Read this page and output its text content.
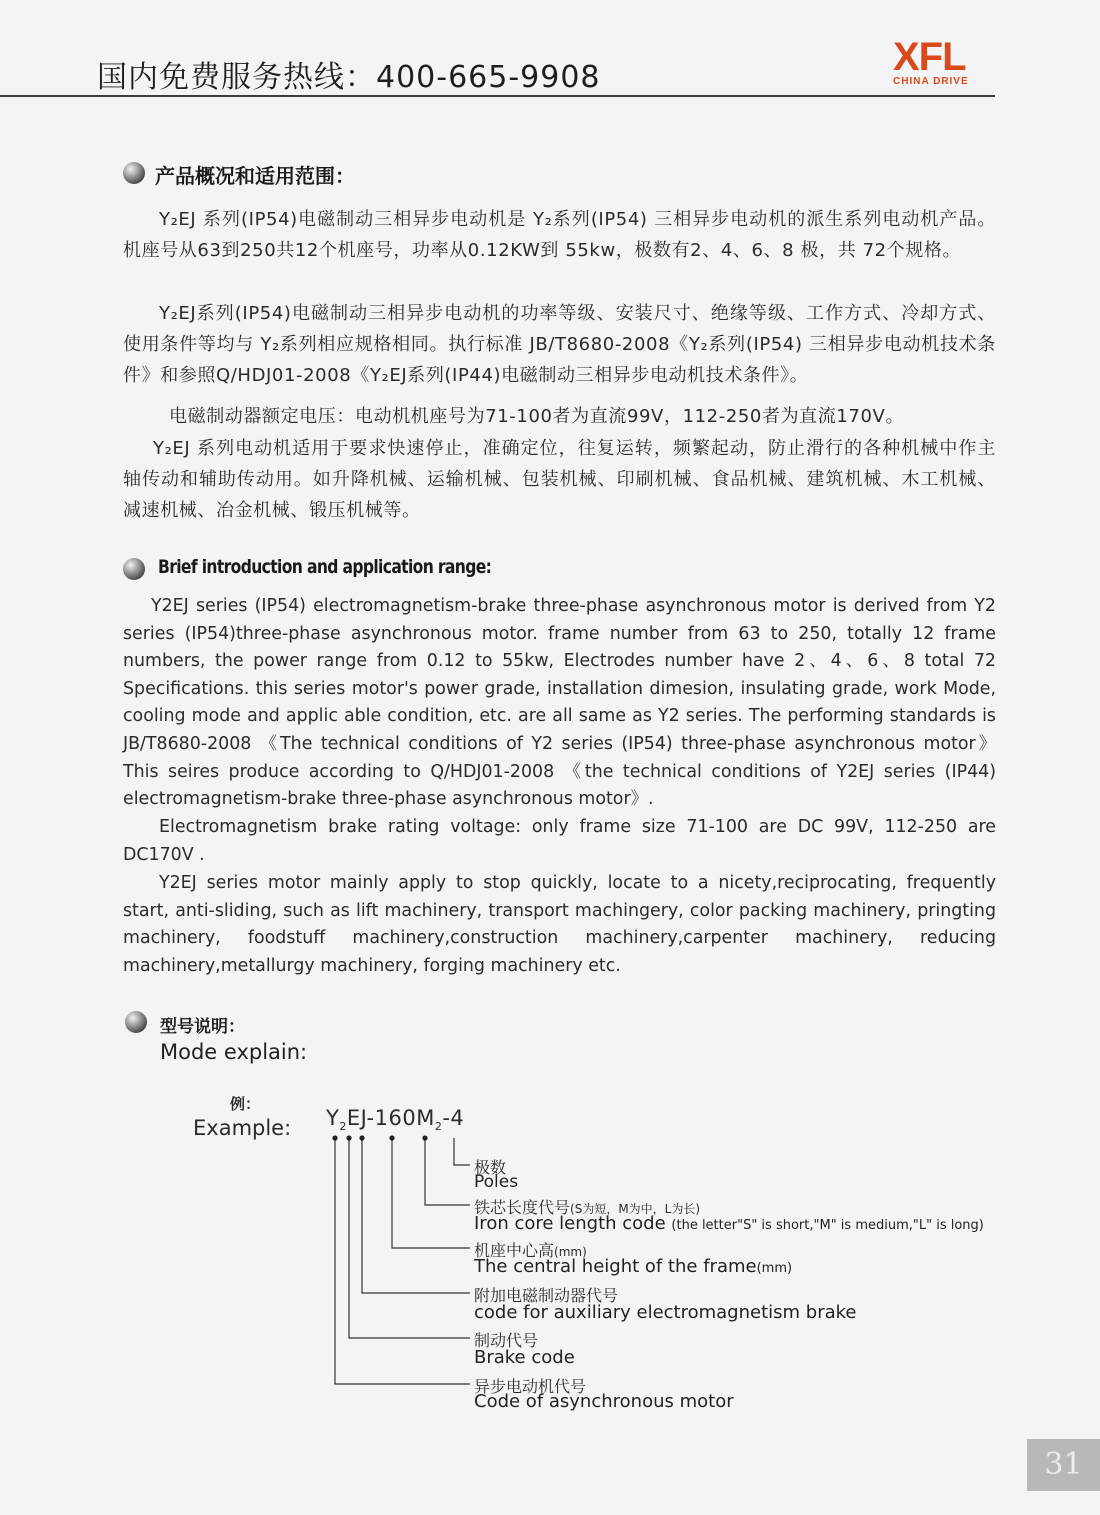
国内免费服务热线：400-665-9908	XFL
CHINA DRIVE
产品概况和适用范围：

Y₂EJ 系列(IP54)电磁制动三相异步电动机是 Y₂系列(IP54) 三相异步电动机的派生系列电动机产品。机座号从63到250共12个机座号，功率从0.12KW到 55kw，极数有2、4、6、8 极，共 72个规格。

Y₂EJ系列(IP54)电磁制动三相异步电动机的功率等级、安装尺寸、绝缘等级、工作方式、冷却方式、使用条件等均与 Y₂系列相应规格相同。执行标准 JB/T8680-2008《Y₂系列(IP54) 三相异步电动机技术条件》和参照Q/HDJ01-2008《Y₂EJ系列(IP44)电磁制动三相异步电动机技术条件》。

电磁制动器额定电压：电动机机座号为71-100者为直流99V，112-250者为直流170V。

Y₂EJ 系列电动机适用于要求快速停止，准确定位，往复运转，频繁起动，防止滑行的各种机械中作主轴传动和辅助传动用。如升降机械、运输机械、包装机械、印刷机械、食品机械、建筑机械、木工机械、减速机械、冶金机械、锻压机械等。

Brief introduction and application range:

Y2EJ series (IP54) electromagnetism-brake three-phase asynchronous motor is derived from Y2 series (IP54)three-phase asynchronous motor. frame number from 63 to 250, totally 12 frame numbers, the power range from 0.12 to 55kw, Electrodes number have 2、4、6、8 total 72 Specifications. this series motor's power grade, installation dimesion, insulating grade, work Mode, cooling mode and applic able condition, etc. are all same as Y2 series. The performing standards is JB/T8680-2008 《The technical conditions of Y2 series (IP54) three-phase asynchronous motor》 This seires produce according to Q/HDJ01-2008 《the technical conditions of Y2EJ series (IP44) electromagnetism-brake three-phase asynchronous motor》.

Electromagnetism brake rating voltage: only frame size 71-100 are DC 99V, 112-250 are DC170V .

Y2EJ series motor mainly apply to stop quickly, locate to a nicety,reciprocating, frequently start, anti-sliding, such as lift machinery, transport machingery, color packing machinery, pringting machinery, foodstuff machinery,construction machinery,carpenter machinery, reducing machinery,metallurgy machinery, forging machinery etc.

型号说明：
Mode explain:
例：
Example: $Y_2EJ-160M_2-4$
极数
Poles
铁芯长度代号(S为短，M为中，L为长)
Iron core length code (the letter"S" is short,"M" is medium,"L" is long)
机座中心高(mm)
The central height of the frame(mm)
附加电磁制动器代号
code for auxiliary electromagnetism brake
制动代号
Brake code
异步电动机代号
Code of asynchronous motor
31
